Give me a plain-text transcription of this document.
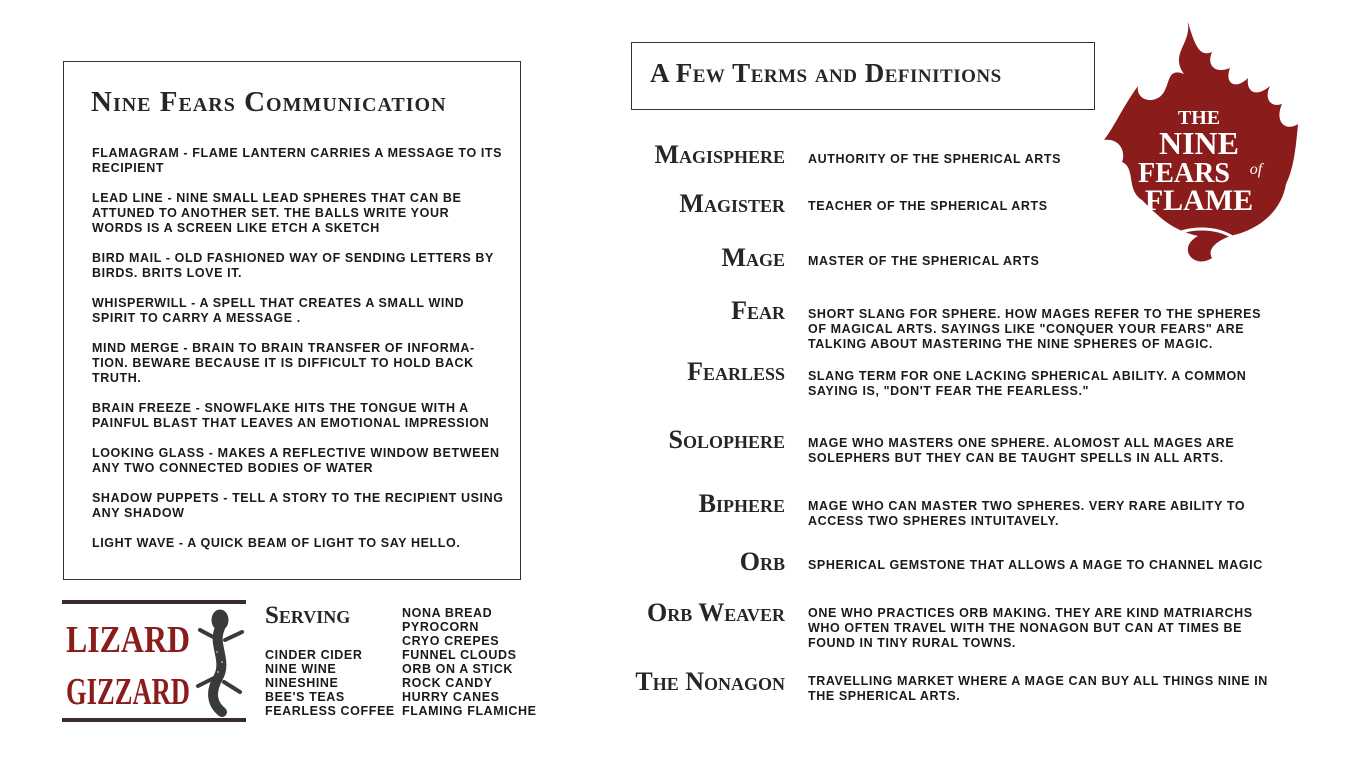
Nine Fears Communication
FLAMAGRAM - FLAME LANTERN CARRIES A MESSAGE TO ITS RECIPIENT
LEAD LINE - NINE SMALL LEAD SPHERES THAT CAN BE ATTUNED TO ANOTHER SET. THE BALLS WRITE YOUR WORDS IS A SCREEN LIKE ETCH A SKETCH
BIRD MAIL - OLD FASHIONED WAY OF SENDING LETTERS BY BIRDS. BRITS LOVE IT.
WHISPERWILL - A SPELL THAT CREATES A SMALL WIND SPIRIT TO CARRY A MESSAGE .
MIND MERGE - BRAIN TO BRAIN TRANSFER OF INFORMA-TION. BEWARE BECAUSE IT IS DIFFICULT TO HOLD BACK TRUTH.
BRAIN FREEZE - SNOWFLAKE HITS THE TONGUE WITH A PAINFUL BLAST THAT LEAVES AN EMOTIONAL IMPRESSION
LOOKING GLASS - MAKES A REFLECTIVE WINDOW BETWEEN ANY TWO CONNECTED BODIES OF WATER
SHADOW PUPPETS - TELL A STORY TO THE RECIPIENT USING ANY SHADOW
LIGHT WAVE - A QUICK BEAM OF LIGHT TO SAY HELLO.
LIZARD
GIZZARD
Serving
CINDER CIDER
NINE WINE
NINESHINE
BEE'S TEAS
FEARLESS COFFEE
NONA BREAD
PYROCORN
CRYO CREPES
FUNNEL CLOUDS
ORB ON A STICK
ROCK CANDY
HURRY CANES
FLAMING FLAMICHE
A Few Terms and Definitions
THE
NINE
FEARS of
FLAME
Magisphere AUTHORITY OF THE SPHERICAL ARTS
Magister TEACHER OF THE SPHERICAL ARTS
Mage MASTER OF THE SPHERICAL ARTS
Fear SHORT SLANG FOR SPHERE. HOW MAGES REFER TO THE SPHERES OF MAGICAL ARTS. SAYINGS LIKE "CONQUER YOUR FEARS" ARE TALKING ABOUT MASTERING THE NINE SPHERES OF MAGIC.
Fearless SLANG TERM FOR ONE LACKING SPHERICAL ABILITY. A COMMON SAYING IS, "DON'T FEAR THE FEARLESS."
Solophere MAGE WHO MASTERS ONE SPHERE. ALOMOST ALL MAGES ARE SOLEPHERS BUT THEY CAN BE TAUGHT SPELLS IN ALL ARTS.
Biphere MAGE WHO CAN MASTER TWO SPHERES. VERY RARE ABILITY TO ACCESS TWO SPHERES INTUITAVELY.
Orb SPHERICAL GEMSTONE THAT ALLOWS A MAGE TO CHANNEL MAGIC
Orb Weaver ONE WHO PRACTICES ORB MAKING. THEY ARE KIND MATRIARCHS WHO OFTEN TRAVEL WITH THE NONAGON BUT CAN AT TIMES BE FOUND IN TINY RURAL TOWNS.
The Nonagon TRAVELLING MARKET WHERE A MAGE CAN BUY ALL THINGS NINE IN THE SPHERICAL ARTS.
